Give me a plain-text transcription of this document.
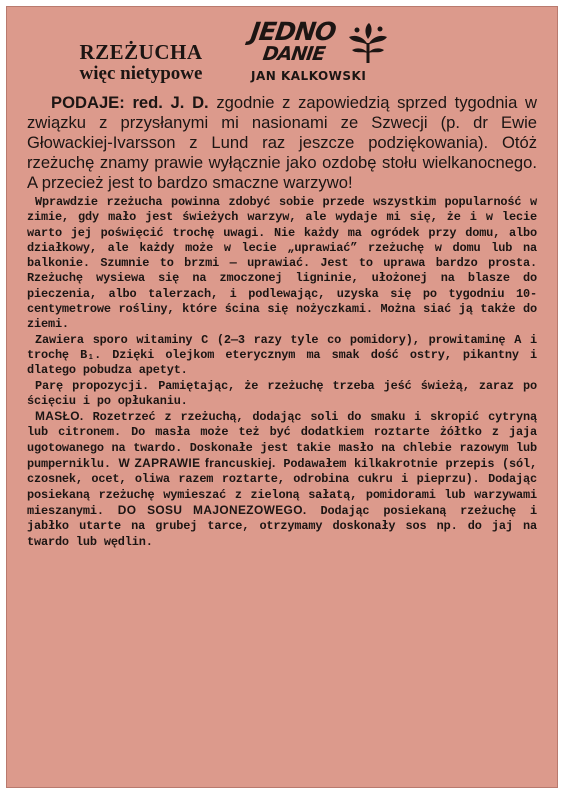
RZEŻUCHA
więc nietypowe
JEDNO
DANIE
JAN KALKOWSKI

PODAJE: red. J. D. zgodnie z zapowiedzią sprzed tygodnia w związku z przysłanymi mi nasionami ze Szwecji (p. dr Ewie Głowackiej-Ivarsson z Lund raz jeszcze podziękowania). Otóż rzeżuchę znamy prawie wyłącznie jako ozdobę stołu wielkanocnego. A przecież jest to bardzo smaczne warzywo!

Wprawdzie rzeżucha powinna zdobyć sobie przede wszystkim popularność w zimie, gdy mało jest świeżych warzyw, ale wydaje mi się, że i w lecie warto jej poświęcić trochę uwagi. Nie każdy ma ogródek przy domu, albo działkowy, ale każdy może w lecie „uprawiać” rzeżuchę w domu lub na balkonie. Szumnie to brzmi — uprawiać. Jest to uprawa bardzo prosta. Rzeżuchę wysiewa się na zmoczonej ligninie, ułożonej na blasze do pieczenia, albo talerzach, i podlewając, uzyska się po tygodniu 10-centymetrowe rośliny, które ścina się nożyczkami. Można siać ją także do ziemi.

Zawiera sporo witaminy C (2—3 razy tyle co pomidory), prowitaminę A i trochę B₁. Dzięki olejkom eterycznym ma smak dość ostry, pikantny i dlatego pobudza apetyt.

Parę propozycji. Pamiętając, że rzeżuchę trzeba jeść świeżą, zaraz po ścięciu i po opłukaniu.

MASŁO. Rozetrzeć z rzeżuchą, dodając soli do smaku i skropić cytryną lub citronem. Do masła może też być dodatkiem roztarte żółtko z jaja ugotowanego na twardo. Doskonałe jest takie masło na chlebie razowym lub pumperniklu. W ZAPRAWIE francuskiej. Podawałem kilkakrotnie przepis (sól, czosnek, ocet, oliwa razem roztarte, odrobina cukru i pieprzu). Dodając posiekaną rzeżuchę wymieszać z zieloną sałatą, pomidorami lub warzywami mieszanymi. DO SOSU MAJONEZOWEGO. Dodając posiekaną rzeżuchę i jabłko utarte na grubej tarce, otrzymamy doskonały sos np. do jaj na twardo lub wędlin.
